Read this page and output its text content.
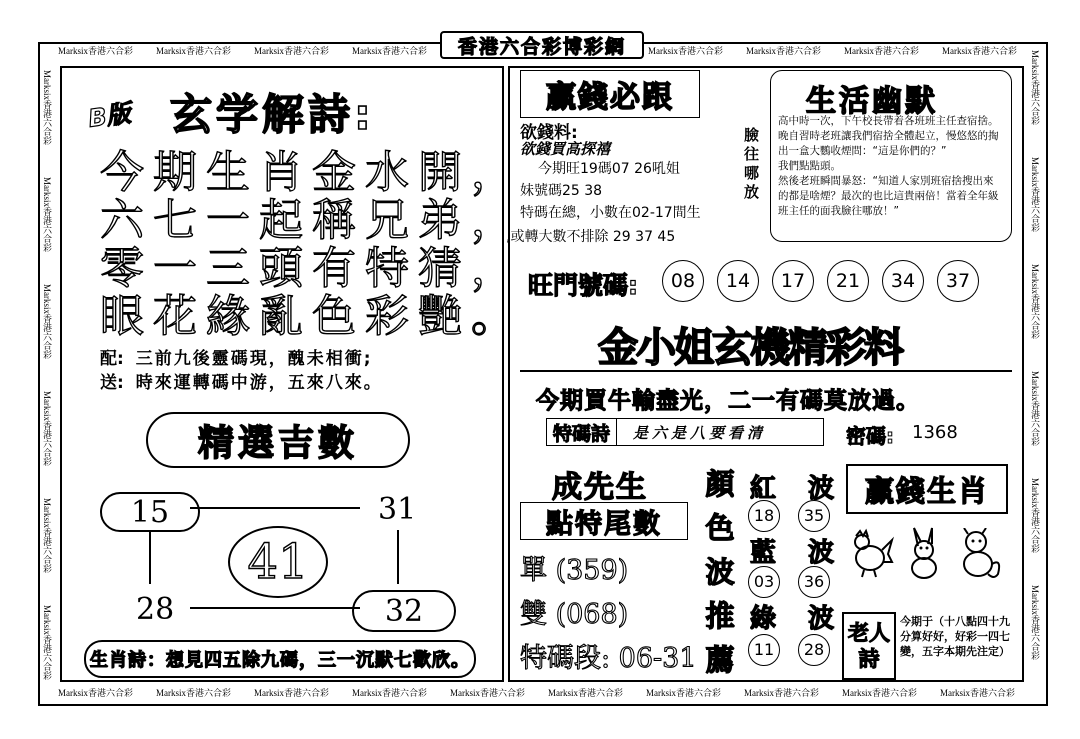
香港六合彩博彩網
Marksix香港六合彩	Marksix香港六合彩	Marksix香港六合彩	Marksix香港六合彩	Marksix香港六合彩	Marksix香港六合彩	Marksix香港六合彩	Marksix香港六合彩
Marksix香港六合彩	Marksix香港六合彩	Marksix香港六合彩	Marksix香港六合彩	Marksix香港六合彩	Marksix香港六合彩	Marksix香港六合彩	Marksix香港六合彩	Marksix香港六合彩	Marksix香港六合彩
Marksix香港六合彩
Marksix香港六合彩
Marksix香港六合彩
Marksix香港六合彩
Marksix香港六合彩
Marksix香港六合彩
Marksix香港六合彩
Marksix香港六合彩
Marksix香港六合彩
Marksix香港六合彩
Marksix香港六合彩
Marksix香港六合彩
B版 玄学解詩:
今期生肖金水開，
六七一起稱兄弟，
零一三頭有特猜，
眼花緣亂色彩艷。
配: 三前九後靈碼現，醜未相衝;
送: 時來運轉碼中游，五來八來。
精選吉數
15	31
41
28	32
生肖詩：想見四五除九碼，三一沉默七歡欣。
贏錢必跟
欲錢料:
欲錢買高探禧
今期旺19碼07 26吼姐
妹號碼25 38
特碼在總，小數在02-17間生
,或轉大數不排除 29 37 45
臉往哪放
生活幽默
高中時一次，下午校長帶着各班班主任查宿捨。
晚自習時老班讓我們宿捨全體起立，慢悠悠的掏出一盒大鸚收煙問：“這是你們的？”
我們點點頭。
然後老班瞬間暴怒：“知道人家別班宿捨搜出來的都是啥煙？最次的也比這貴兩倍！當着全年級班主任的面我臉往哪放！”
旺門號碼:	08	14	17	21	34	37
金小姐玄機精彩料
今期買牛輸盡光，二一有碼莫放過。
特碼詩	是六是八要看清	密碼: 1368
成先生
點特尾數
單 (359)
雙 (068)
特碼段: 06-31
顏
色
波
推
薦
紅 波
18	35
藍 波
03	36
綠 波
11	28
贏錢生肖
老人詩
今期于（十八點四十九分算好好，好彩一四七變，五字本期先注定）
